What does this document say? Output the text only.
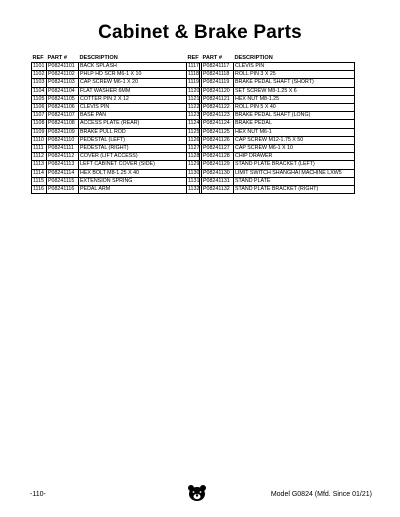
Cabinet & Brake Parts
REF	PART #	DESCRIPTION
1101	P08241101	BACK SPLASH
1102	P08241102	PHLP HD SCR M6-1 X 10
1103	P08241103	CAP SCREW M6-1 X 20
1104	P08241104	FLAT WASHER 6MM
1105	P08241105	COTTER PIN 2 X 12
1106	P08241106	CLEVIS PIN
1107	P08241107	BASE PAN
1108	P08241108	ACCESS PLATE (REAR)
1109	P08241109	BRAKE PULL ROD
1110	P08241110	PEDESTAL (LEFT)
1111	P08241111	PEDESTAL (RIGHT)
1112	P08241112	COVER (LIFT ACCESS)
1113	P08241113	LEFT CABINET COVER (SIDE)
1114	P08241114	HEX BOLT M8-1.25 X 40
1115	P08241115	EXTENSION SPRING
1116	P08241116	PEDAL ARM
REF	PART #	DESCRIPTION
1117	P08241117	CLEVIS PIN
1118	P08241118	ROLL PIN 3 X 25
1119	P08241119	BRAKE PEDAL SHAFT (SHORT)
1120	P08241120	SET SCREW M8-1.25 X 6
1121	P08241121	HEX NUT M8-1.25
1122	P08241122	ROLL PIN 5 X 40
1123	P08241123	BRAKE PEDAL SHAFT (LONG)
1124	P08241124	BRAKE PEDAL
1125	P08241125	HEX NUT M6-1
1126	P08241126	CAP SCREW M12-1.75 X 50
1127	P08241127	CAP SCREW M6-1 X 10
1128	P08241128	CHIP DRAWER
1129	P08241129	STAND PLATE BRACKET (LEFT)
1130	P08241130	LIMIT SWITCH SHANGHAI MACHINE LXW5
1131	P08241131	STAND PLATE
1132	P08241132	STAND PLATE BRACKET (RIGHT)
-110-	Model G0824 (Mfd. Since 01/21)
